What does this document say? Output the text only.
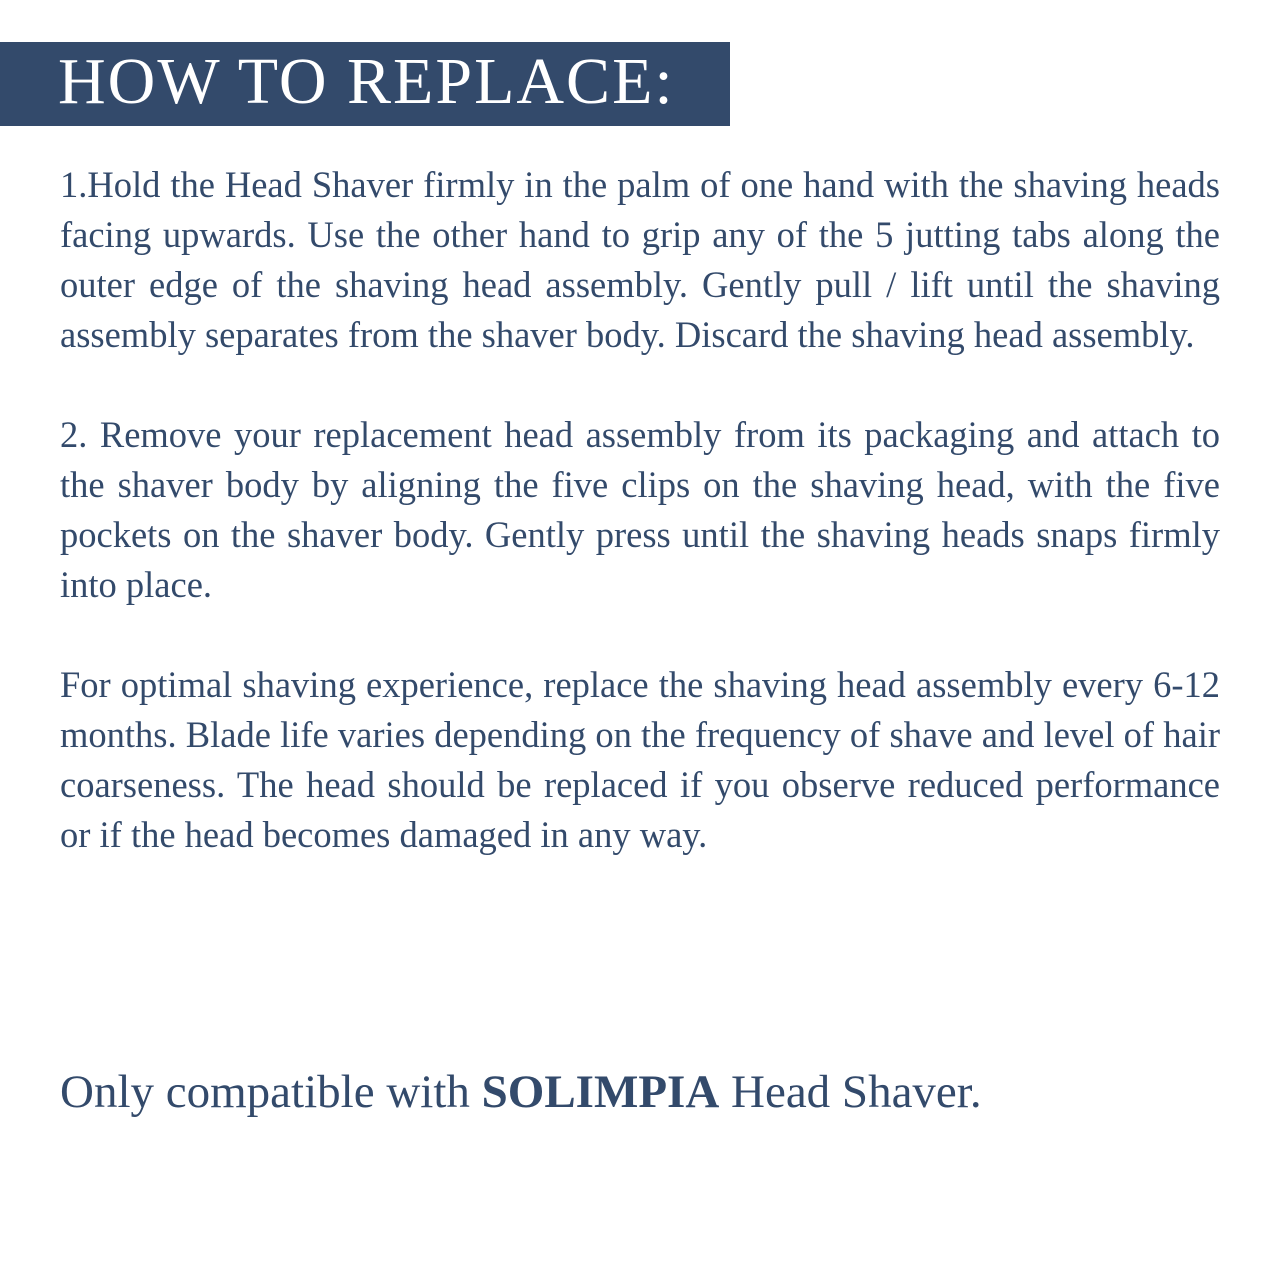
HOW TO REPLACE:

1.Hold the Head Shaver firmly in the palm of one hand with the shaving heads facing upwards. Use the other hand to grip any of the 5 jutting tabs along the outer edge of the shaving head assembly. Gently pull / lift until the shaving assembly separates from the shaver body. Discard the shaving head assembly.

2. Remove your replacement head assembly from its packaging and attach to the shaver body by aligning the five clips on the shaving head, with the five pockets on the shaver body. Gently press until the shaving heads snaps firmly into place.

For optimal shaving experience, replace the shaving head assembly every 6-12 months. Blade life varies depending on the frequency of shave and level of hair coarseness. The head should be replaced if you observe reduced performance or if the head becomes damaged in any way.

Only compatible with SOLIMPIA Head Shaver.
